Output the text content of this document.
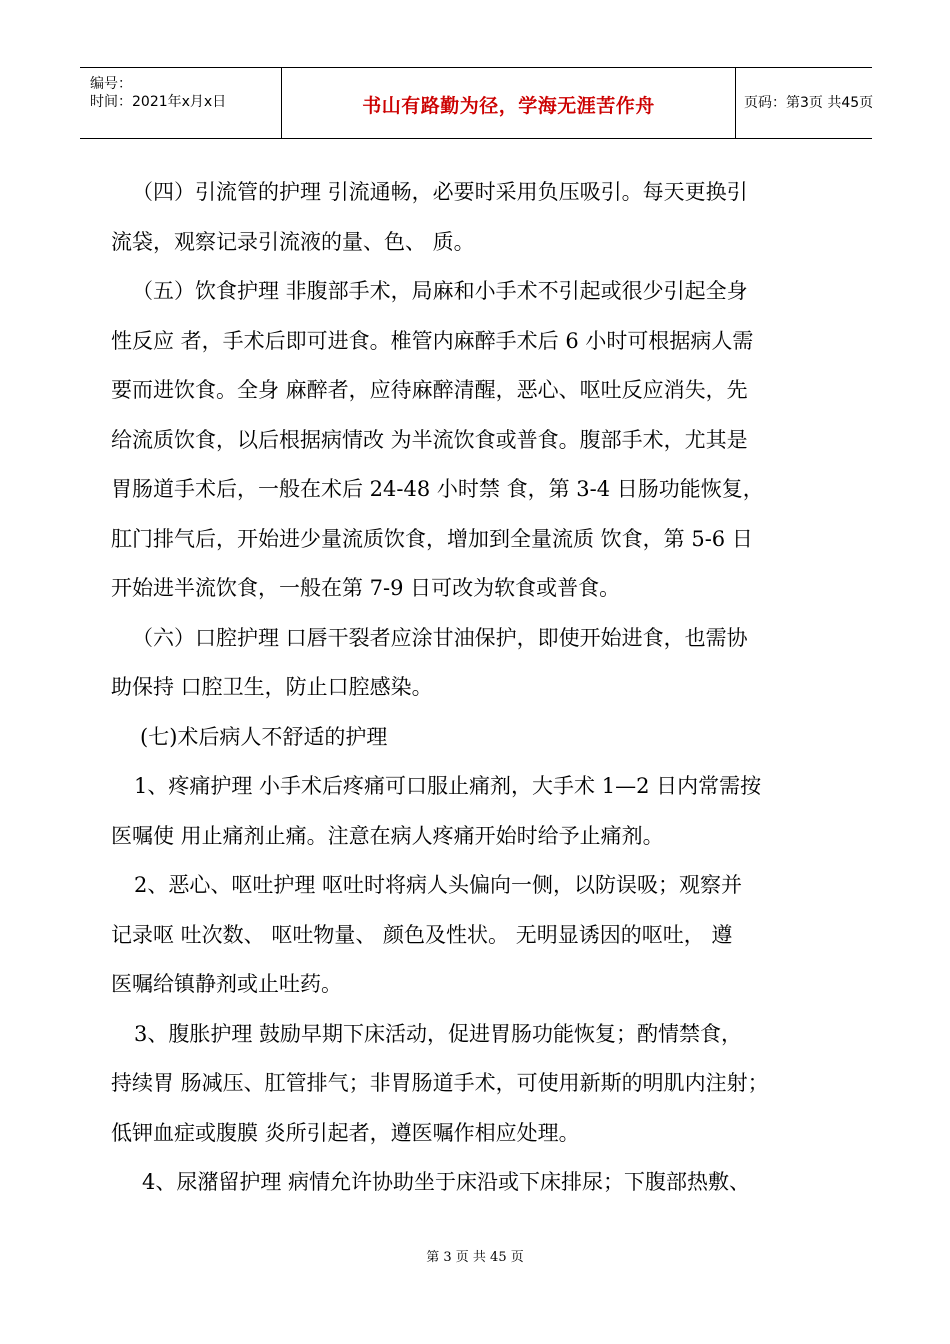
编号：
时间：2021年x月x日	书山有路勤为径，学海无涯苦作舟	页码：第3页 共45页

（四）引流管的护理 引流通畅，必要时采用负压吸引。每天更换引
流袋，观察记录引流液的量、色、 质。

（五）饮食护理 非腹部手术，局麻和小手术不引起或很少引起全身
性反应 者，手术后即可进食。椎管内麻醉手术后 6 小时可根据病人需
要而进饮食。全身 麻醉者，应待麻醉清醒，恶心、呕吐反应消失，先
给流质饮食，以后根据病情改 为半流饮食或普食。腹部手术，尤其是
胃肠道手术后，一般在术后 24-48 小时禁 食，第 3-4 日肠功能恢复，
肛门排气后，开始进少量流质饮食，增加到全量流质 饮食，第 5-6 日
开始进半流饮食，一般在第 7-9 日可改为软食或普食。

（六）口腔护理 口唇干裂者应涂甘油保护，即使开始进食，也需协
助保持 口腔卫生，防止口腔感染。

(七)术后病人不舒适的护理

1、疼痛护理 小手术后疼痛可口服止痛剂，大手术 1—2 日内常需按
医嘱使 用止痛剂止痛。注意在病人疼痛开始时给予止痛剂。

2、恶心、呕吐护理 呕吐时将病人头偏向一侧，以防误吸；观察并
记录呕 吐次数、 呕吐物量、 颜色及性状。 无明显诱因的呕吐， 遵
医嘱给镇静剂或止吐药。

3、腹胀护理 鼓励早期下床活动，促进胃肠功能恢复；酌情禁食，
持续胃 肠减压、肛管排气；非胃肠道手术，可使用新斯的明肌内注射；
低钾血症或腹膜 炎所引起者，遵医嘱作相应处理。

4、尿潴留护理 病情允许协助坐于床沿或下床排尿；下腹部热敷、

第 3 页 共 45 页
